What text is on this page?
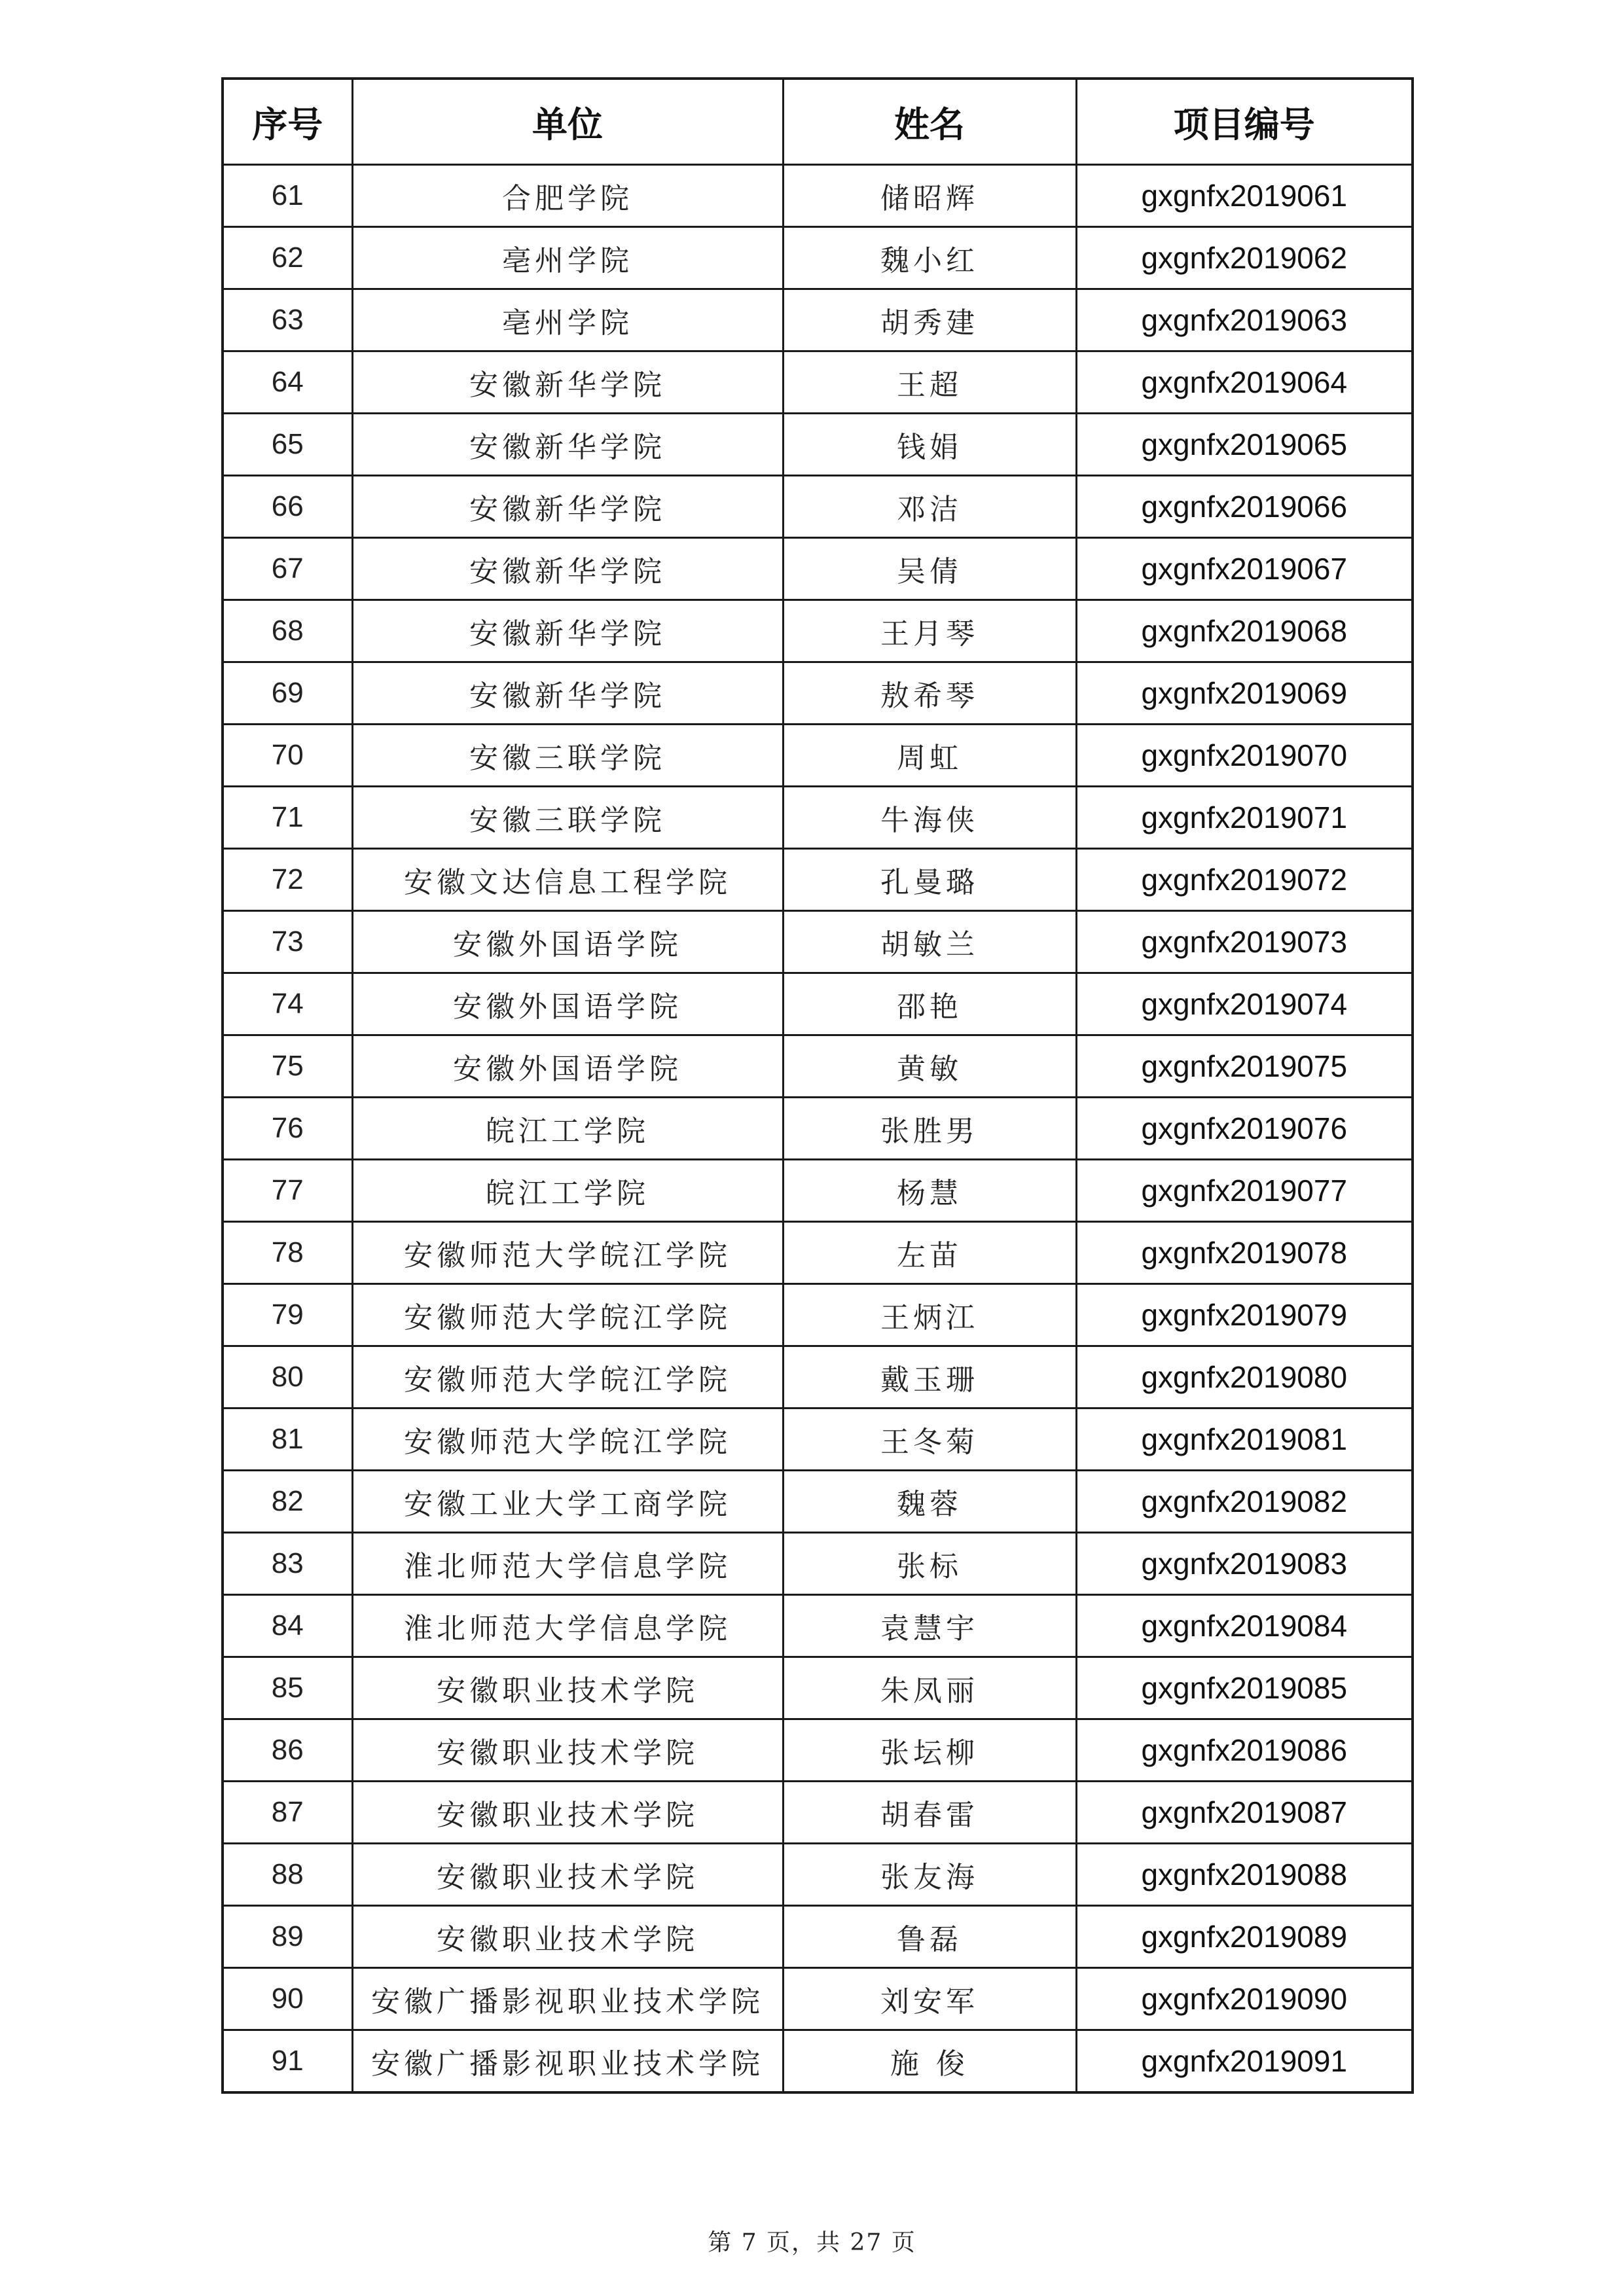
序号	单位	姓名	项目编号
61	合肥学院	储昭辉	gxgnfx2019061
62	亳州学院	魏小红	gxgnfx2019062
63	亳州学院	胡秀建	gxgnfx2019063
64	安徽新华学院	王超	gxgnfx2019064
65	安徽新华学院	钱娟	gxgnfx2019065
66	安徽新华学院	邓洁	gxgnfx2019066
67	安徽新华学院	吴倩	gxgnfx2019067
68	安徽新华学院	王月琴	gxgnfx2019068
69	安徽新华学院	敖希琴	gxgnfx2019069
70	安徽三联学院	周虹	gxgnfx2019070
71	安徽三联学院	牛海侠	gxgnfx2019071
72	安徽文达信息工程学院	孔曼璐	gxgnfx2019072
73	安徽外国语学院	胡敏兰	gxgnfx2019073
74	安徽外国语学院	邵艳	gxgnfx2019074
75	安徽外国语学院	黄敏	gxgnfx2019075
76	皖江工学院	张胜男	gxgnfx2019076
77	皖江工学院	杨慧	gxgnfx2019077
78	安徽师范大学皖江学院	左苗	gxgnfx2019078
79	安徽师范大学皖江学院	王炳江	gxgnfx2019079
80	安徽师范大学皖江学院	戴玉珊	gxgnfx2019080
81	安徽师范大学皖江学院	王冬菊	gxgnfx2019081
82	安徽工业大学工商学院	魏蓉	gxgnfx2019082
83	淮北师范大学信息学院	张标	gxgnfx2019083
84	淮北师范大学信息学院	袁慧宇	gxgnfx2019084
85	安徽职业技术学院	朱凤丽	gxgnfx2019085
86	安徽职业技术学院	张坛柳	gxgnfx2019086
87	安徽职业技术学院	胡春雷	gxgnfx2019087
88	安徽职业技术学院	张友海	gxgnfx2019088
89	安徽职业技术学院	鲁磊	gxgnfx2019089
90	安徽广播影视职业技术学院	刘安军	gxgnfx2019090
91	安徽广播影视职业技术学院	施 俊	gxgnfx2019091
第 7 页，共 27 页
